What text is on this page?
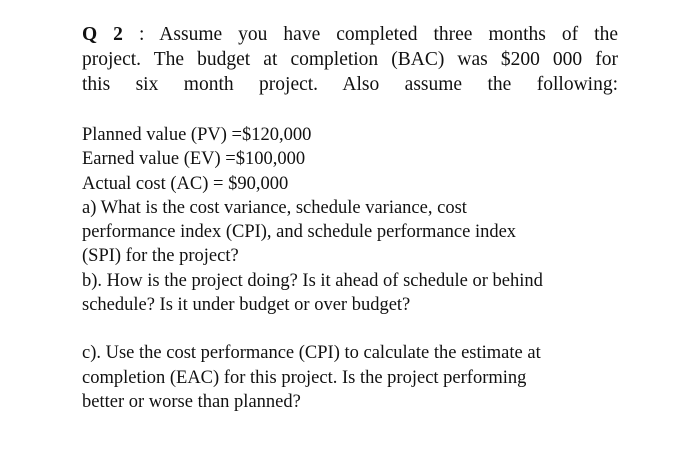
Q 2 : Assume you have completed three months of the
project. The budget at completion (BAC) was $200 000 for
this six month project. Also assume the following:
Planned value (PV) =$120,000
Earned value (EV) =$100,000
Actual cost (AC) = $90,000
a) What is the cost variance, schedule variance, cost
performance index (CPI), and schedule performance index
(SPI) for the project?
b). How is the project doing? Is it ahead of schedule or behind
schedule? Is it under budget or over budget?
c). Use the cost performance (CPI) to calculate the estimate at
completion (EAC) for this project. Is the project performing
better or worse than planned?
